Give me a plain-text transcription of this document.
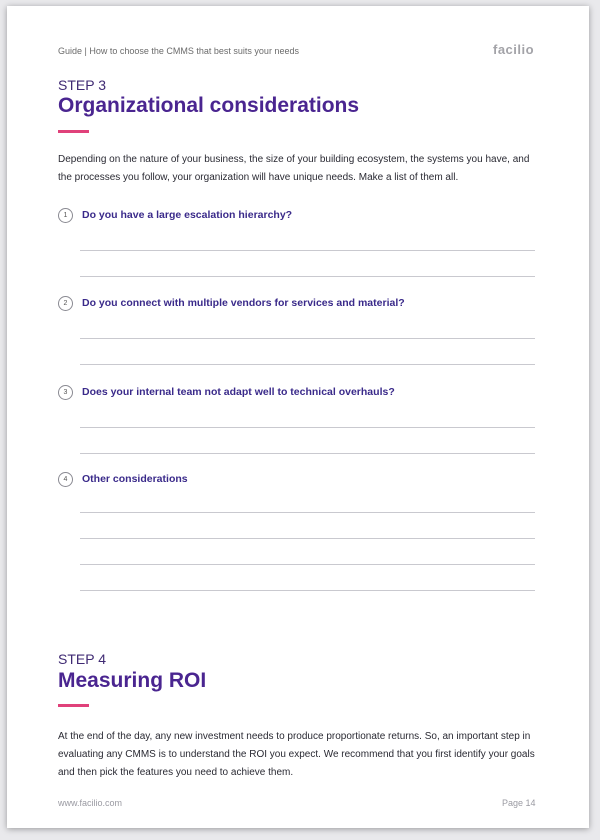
Guide | How to choose the CMMS that best suits your needs	facilio
STEP 3
Organizational considerations
Depending on the nature of your business, the size of your building ecosystem, the systems you have, and the processes you follow, your organization will have unique needs. Make a list of them all.
1	Do you have a large escalation hierarchy?
2	Do you connect with multiple vendors for services and material?
3	Does your internal team not adapt well to technical overhauls?
4	Other considerations
STEP 4
Measuring ROI
At the end of the day, any new investment needs to produce proportionate returns. So, an important step in evaluating any CMMS is to understand the ROI you expect. We recommend that you first identify your goals and then pick the features you need to achieve them.
www.facilio.com	Page 14
